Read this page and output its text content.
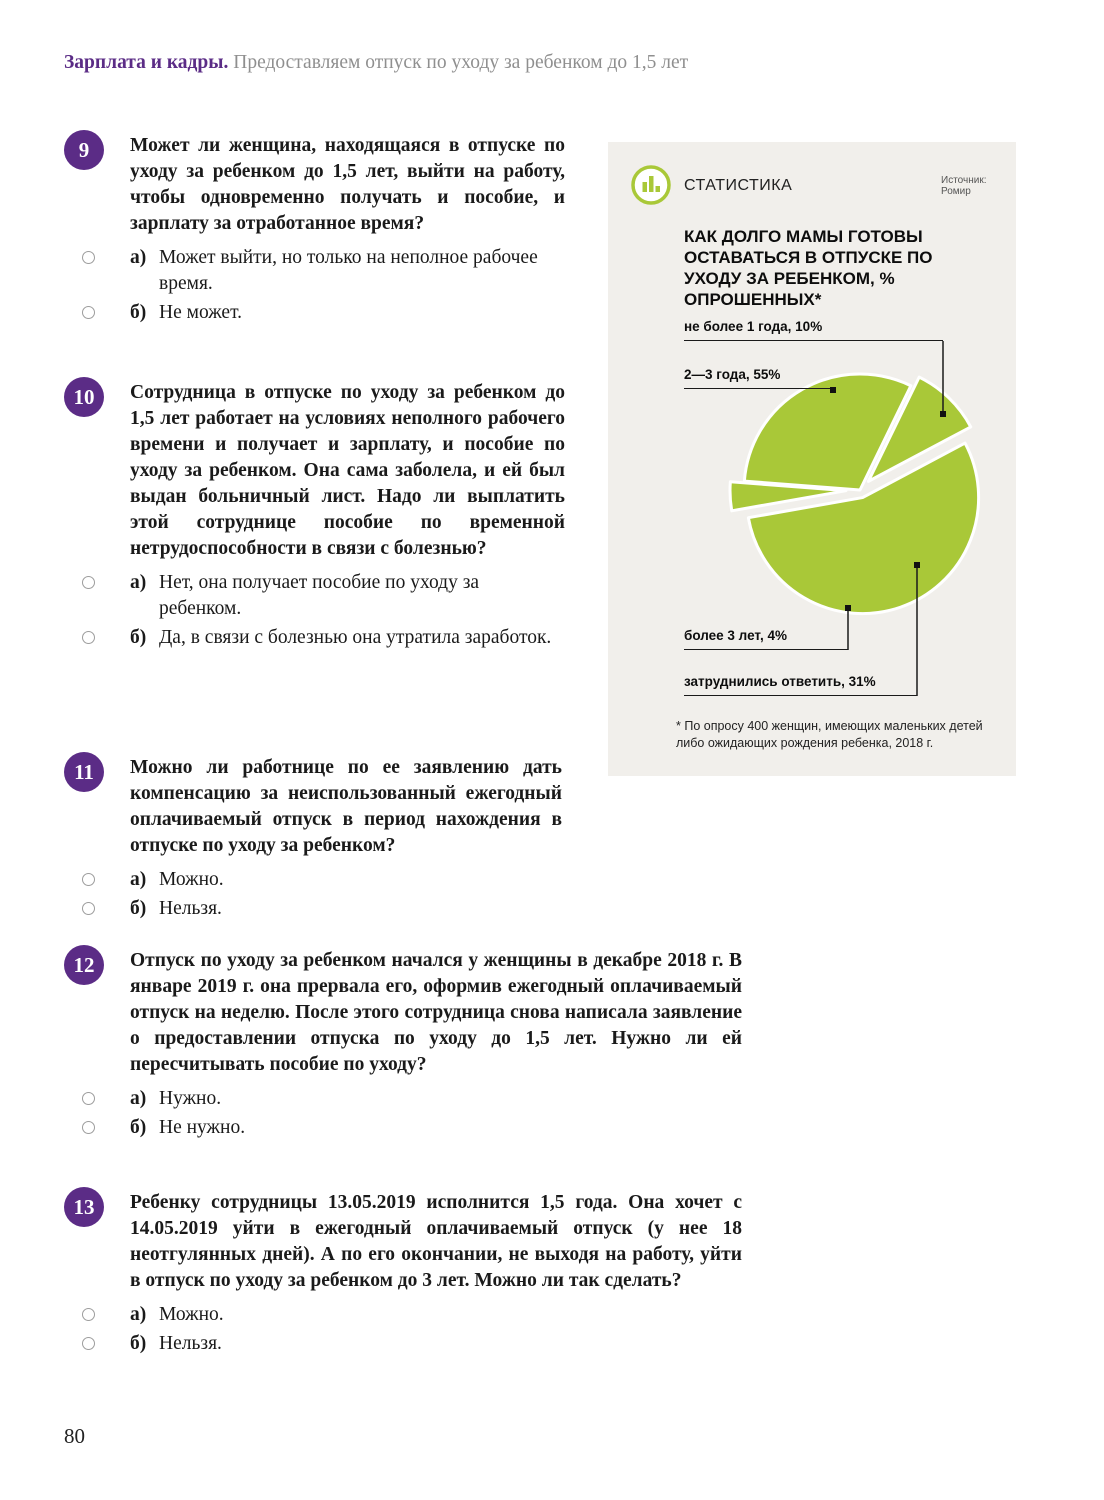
Зарплата и кадры. Предоставляем отпуск по уходу за ребенком до 1,5 лет
9	Может ли женщина, находящаяся в отпуске по уходу за ребенком до 1,5 лет, выйти на работу, чтобы одновременно получать и пособие, и зарплату за отработанное время?
а) Может выйти, но только на неполное рабочее время.
б) Не может.
10	Сотрудница в отпуске по уходу за ребенком до 1,5 лет работает на условиях неполного рабочего времени и получает и зарплату, и пособие по уходу за ребенком. Она сама заболела, и ей был выдан больничный лист. Надо ли выплатить этой сотруднице пособие по временной нетрудоспособности в связи с болезнью?
а) Нет, она получает пособие по уходу за ребенком.
б) Да, в связи с болезнью она утратила заработок.
11	Можно ли работнице по ее заявлению дать компенсацию за неиспользованный ежегодный оплачиваемый отпуск в период нахождения в отпуске по уходу за ребенком?
а) Можно.
б) Нельзя.
12	Отпуск по уходу за ребенком начался у женщины в декабре 2018 г. В январе 2019 г. она прервала его, оформив ежегодный оплачиваемый отпуск на неделю. После этого сотрудница снова написала заявление о предоставлении отпуска по уходу до 1,5 лет. Нужно ли ей пересчитывать пособие по уходу?
а) Нужно.
б) Не нужно.
13	Ребенку сотрудницы 13.05.2019 исполнится 1,5 года. Она хочет с 14.05.2019 уйти в ежегодный оплачиваемый отпуск (у нее 18 неотгулянных дней). А по его окончании, не выходя на работу, уйти в отпуск по уходу за ребенком до 3 лет. Можно ли так сделать?
а) Можно.
б) Нельзя.
СТАТИСТИКА	Источник:
Ромир
КАК ДОЛГО МАМЫ ГОТОВЫ ОСТАВАТЬСЯ В ОТПУСКЕ ПО УХОДУ ЗА РЕБЕНКОМ, % ОПРОШЕННЫХ*
не более 1 года, 10%
2—3 года, 55%
более 3 лет, 4%
затруднились ответить, 31%
* По опросу 400 женщин, имеющих маленьких детей либо ожидающих рождения ребенка, 2018 г.
80
